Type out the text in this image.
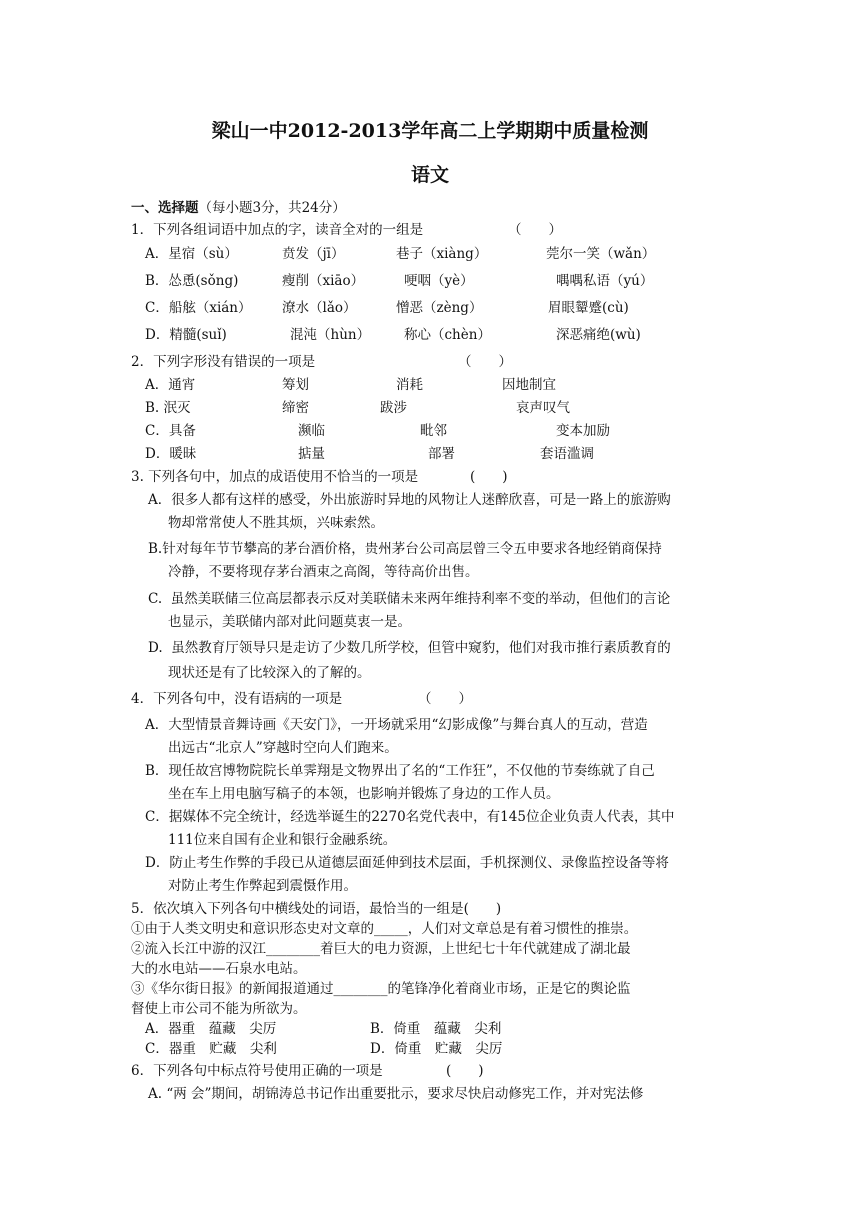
梁山一中2012-2013学年高二上学期期中质量检测
语文
一、选择题（每小题3分，共24分）
1．下列各组词语中加点的字，读音全对的一组是	（　　）
A．星宿（sù）	贲发（jī）	巷子（xiàng）	莞尔一笑（wǎn）
B．怂恿(sǒng)	瘦削（xiāo）	哽咽（yè）	喁喁私语（yú）
C．船舷（xián） 潦水（lǎo）	憎恶（zèng）	眉眼颦蹙(cù)
D．精髓(suǐ)	混沌（hùn）	称心（chèn）	深恶痛绝(wù)
2．下列字形没有错误的一项是	（　　）
A．通宵	筹划	消耗	因地制宜
B. 泯灭	缔密	跋涉	哀声叹气
C．具备	濒临	毗邻	变本加励
D．暖昧	掂量	部署	套语滥调
3. 下列各句中，加点的成语使用不恰当的一项是	(　　)
A．很多人都有这样的感受，外出旅游时异地的风物让人迷醉欣喜，可是一路上的旅游购
物却常常使人不胜其烦，兴味索然。
B.针对每年节节攀高的茅台酒价格，贵州茅台公司高层曾三令五申要求各地经销商保持
冷静，不要将现存茅台酒束之高阁，等待高价出售。
C.  虽然美联储三位高层都表示反对美联储未来两年维持利率不变的举动，但他们的言论
也显示，美联储内部对此问题莫衷一是。
D.  虽然教育厅领导只是走访了少数几所学校，但管中窥豹，他们对我市推行素质教育的
现状还是有了比较深入的了解的。
4．下列各句中，没有语病的一项是	（　　）
A．大型情景音舞诗画《天安门》，一开场就采用“幻影成像”与舞台真人的互动，营造
出远古“北京人”穿越时空向人们跑来。
B．现任故宫博物院院长单霁翔是文物界出了名的“工作狂”，不仅他的节奏练就了自己
坐在车上用电脑写稿子的本领，也影响并锻炼了身边的工作人员。
C．据媒体不完全统计，经选举诞生的2270名党代表中，有145位企业负责人代表，其中
111位来自国有企业和银行金融系统。
D．防止考生作弊的手段已从道德层面延伸到技术层面，手机探测仪、录像监控设备等将
对防止考生作弊起到震慑作用。
5．依次填入下列各句中横线处的词语，最恰当的一组是(　　)
①由于人类文明史和意识形态史对文章的_____，人们对文章总是有着习惯性的推崇。
②流入长江中游的汉江________着巨大的电力资源，上世纪七十年代就建成了湖北最
大的水电站——石泉水电站。
③《华尔街日报》的新闻报道通过________的笔锋净化着商业市场，正是它的舆论监
督使上市公司不能为所欲为。
A．器重　蕴藏　尖厉	B．倚重　蕴藏　尖利
C．器重　贮藏　尖利	D．倚重　贮藏　尖厉
6．下列各句中标点符号使用正确的一项是	(　　)
A. “两 会”期间，胡锦涛总书记作出重要批示，要求尽快启动修宪工作，并对宪法修
